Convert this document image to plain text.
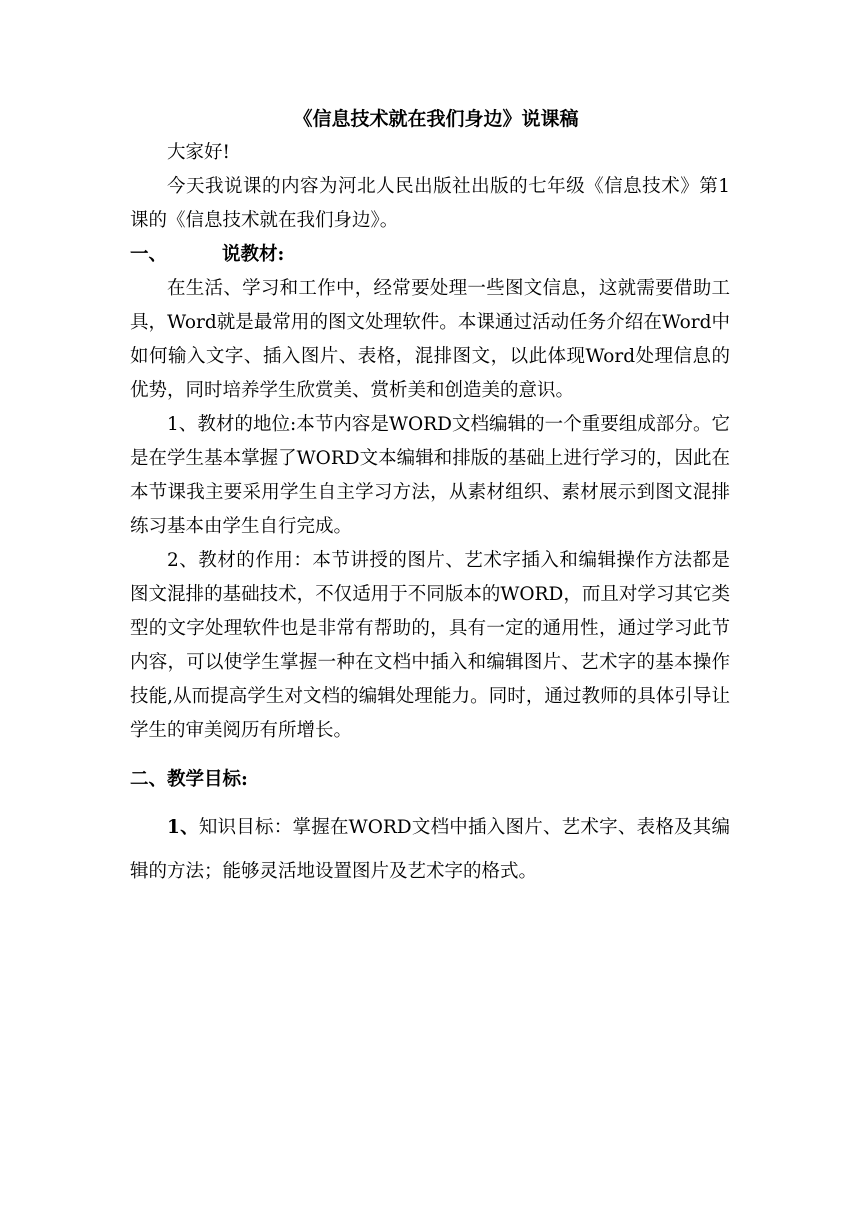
《信息技术就在我们身边》说课稿

大家好!

今天我说课的内容为河北人民出版社出版的七年级《信息技术》第1课的《信息技术就在我们身边》。

一、	说教材:

在生活、学习和工作中，经常要处理一些图文信息，这就需要借助工具，Word就是最常用的图文处理软件。本课通过活动任务介绍在Word中如何输入文字、插入图片、表格，混排图文，以此体现Word处理信息的优势，同时培养学生欣赏美、赏析美和创造美的意识。

1、教材的地位:本节内容是WORD文档编辑的一个重要组成部分。它是在学生基本掌握了WORD文本编辑和排版的基础上进行学习的，因此在本节课我主要采用学生自主学习方法，从素材组织、素材展示到图文混排练习基本由学生自行完成。

2、教材的作用：本节讲授的图片、艺术字插入和编辑操作方法都是图文混排的基础技术，不仅适用于不同版本的WORD，而且对学习其它类型的文字处理软件也是非常有帮助的，具有一定的通用性，通过学习此节内容，可以使学生掌握一种在文档中插入和编辑图片、艺术字的基本操作技能,从而提高学生对文档的编辑处理能力。同时，通过教师的具体引导让学生的审美阅历有所增长。

二、教学目标:

1、知识目标：掌握在WORD文档中插入图片、艺术字、表格及其编辑的方法；能够灵活地设置图片及艺术字的格式。
